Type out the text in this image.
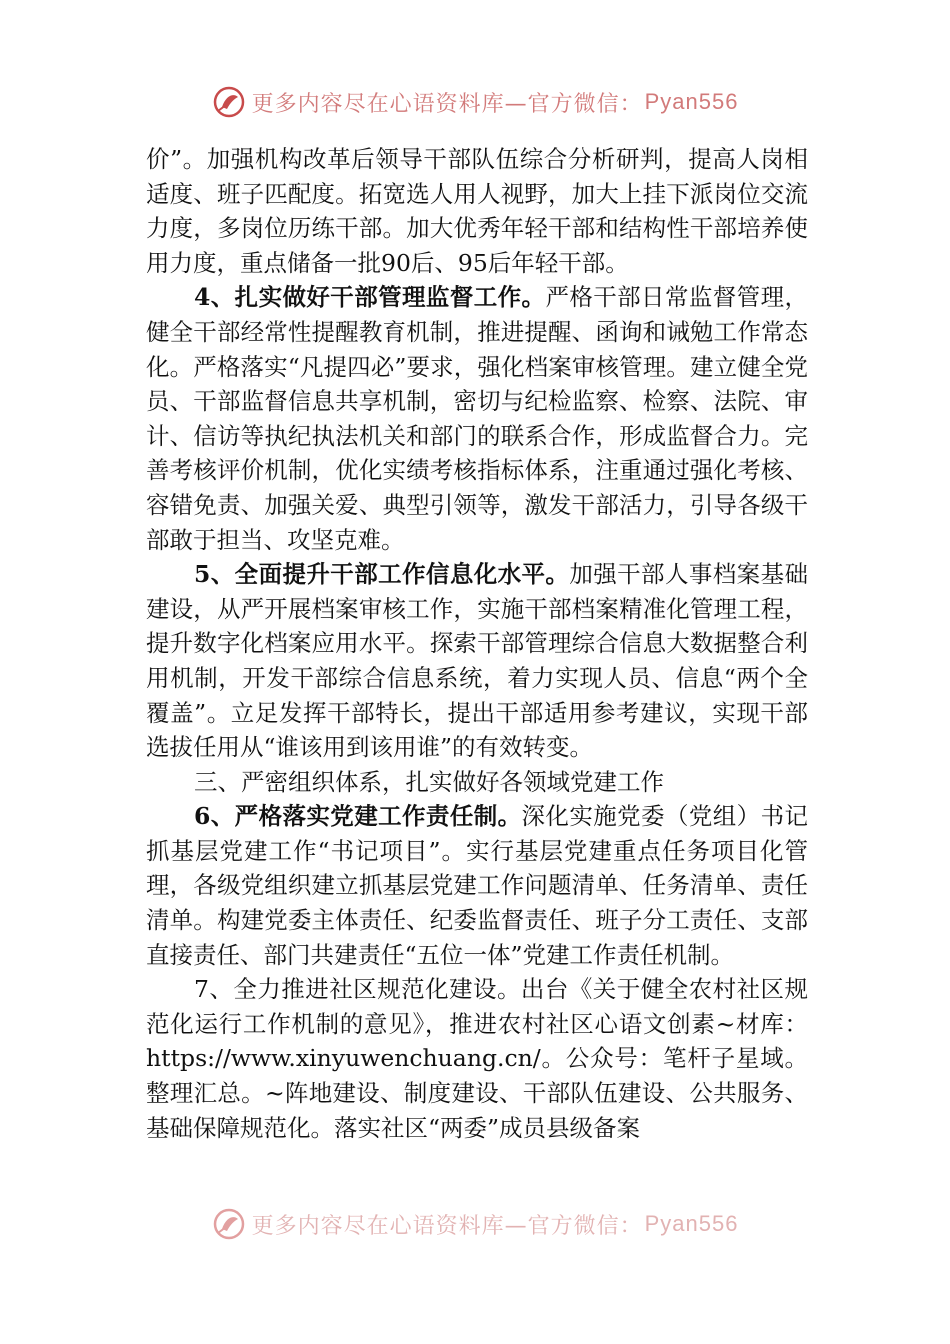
更多内容尽在心语资料库—官方微信： Pyan556

价”。加强机构改革后领导干部队伍综合分析研判，提高人岗相适度、班子匹配度。拓宽选人用人视野，加大上挂下派岗位交流力度，多岗位历练干部。加大优秀年轻干部和结构性干部培养使用力度，重点储备一批90后、95后年轻干部。

4、扎实做好干部管理监督工作。严格干部日常监督管理，健全干部经常性提醒教育机制，推进提醒、函询和诫勉工作常态化。严格落实“凡提四必”要求，强化档案审核管理。建立健全党员、干部监督信息共享机制，密切与纪检监察、检察、法院、审计、信访等执纪执法机关和部门的联系合作，形成监督合力。完善考核评价机制，优化实绩考核指标体系，注重通过强化考核、容错免责、加强关爱、典型引领等，激发干部活力，引导各级干部敢于担当、攻坚克难。

5、全面提升干部工作信息化水平。加强干部人事档案基础建设，从严开展档案审核工作，实施干部档案精准化管理工程，提升数字化档案应用水平。探索干部管理综合信息大数据整合利用机制，开发干部综合信息系统，着力实现人员、信息“两个全覆盖”。立足发挥干部特长，提出干部适用参考建议，实现干部选拔任用从“谁该用到该用谁”的有效转变。

三、严密组织体系，扎实做好各领域党建工作

6、严格落实党建工作责任制。深化实施党委（党组）书记抓基层党建工作“书记项目”。实行基层党建重点任务项目化管理，各级党组织建立抓基层党建工作问题清单、任务清单、责任清单。构建党委主体责任、纪委监督责任、班子分工责任、支部直接责任、部门共建责任“五位一体”党建工作责任机制。

7、全力推进社区规范化建设。出台《关于健全农村社区规范化运行工作机制的意见》，推进农村社区心语文创素~材库：https://www.xinyuwenchuang.cn/。公众号：笔杆子星域。整理汇总。~阵地建设、制度建设、干部队伍建设、公共服务、基础保障规范化。落实社区“两委”成员县级备案

更多内容尽在心语资料库—官方微信： Pyan556
